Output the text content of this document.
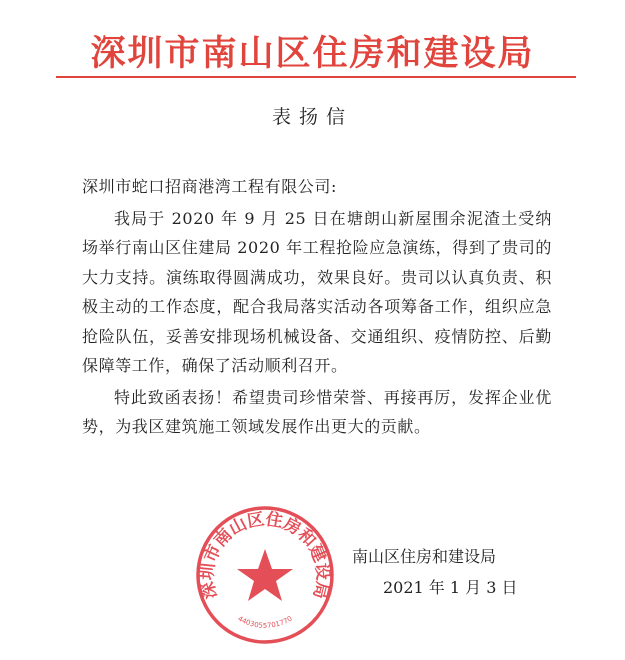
深圳市南山区住房和建设局
表扬信
深圳市蛇口招商港湾工程有限公司:
我局于 2020 年 9 月 25 日在塘朗山新屋围余泥渣土受纳场举行南山区住建局 2020 年工程抢险应急演练，得到了贵司的大力支持。演练取得圆满成功，效果良好。贵司以认真负责、积极主动的工作态度，配合我局落实活动各项筹备工作，组织应急抢险队伍，妥善安排现场机械设备、交通组织、疫情防控、后勤保障等工作，确保了活动顺利召开。
特此致函表扬！希望贵司珍惜荣誉、再接再厉，发挥企业优势，为我区建筑施工领域发展作出更大的贡献。
深圳市南山区住房和建设局
4403055701770
南山区住房和建设局
2021 年 1 月 3 日
